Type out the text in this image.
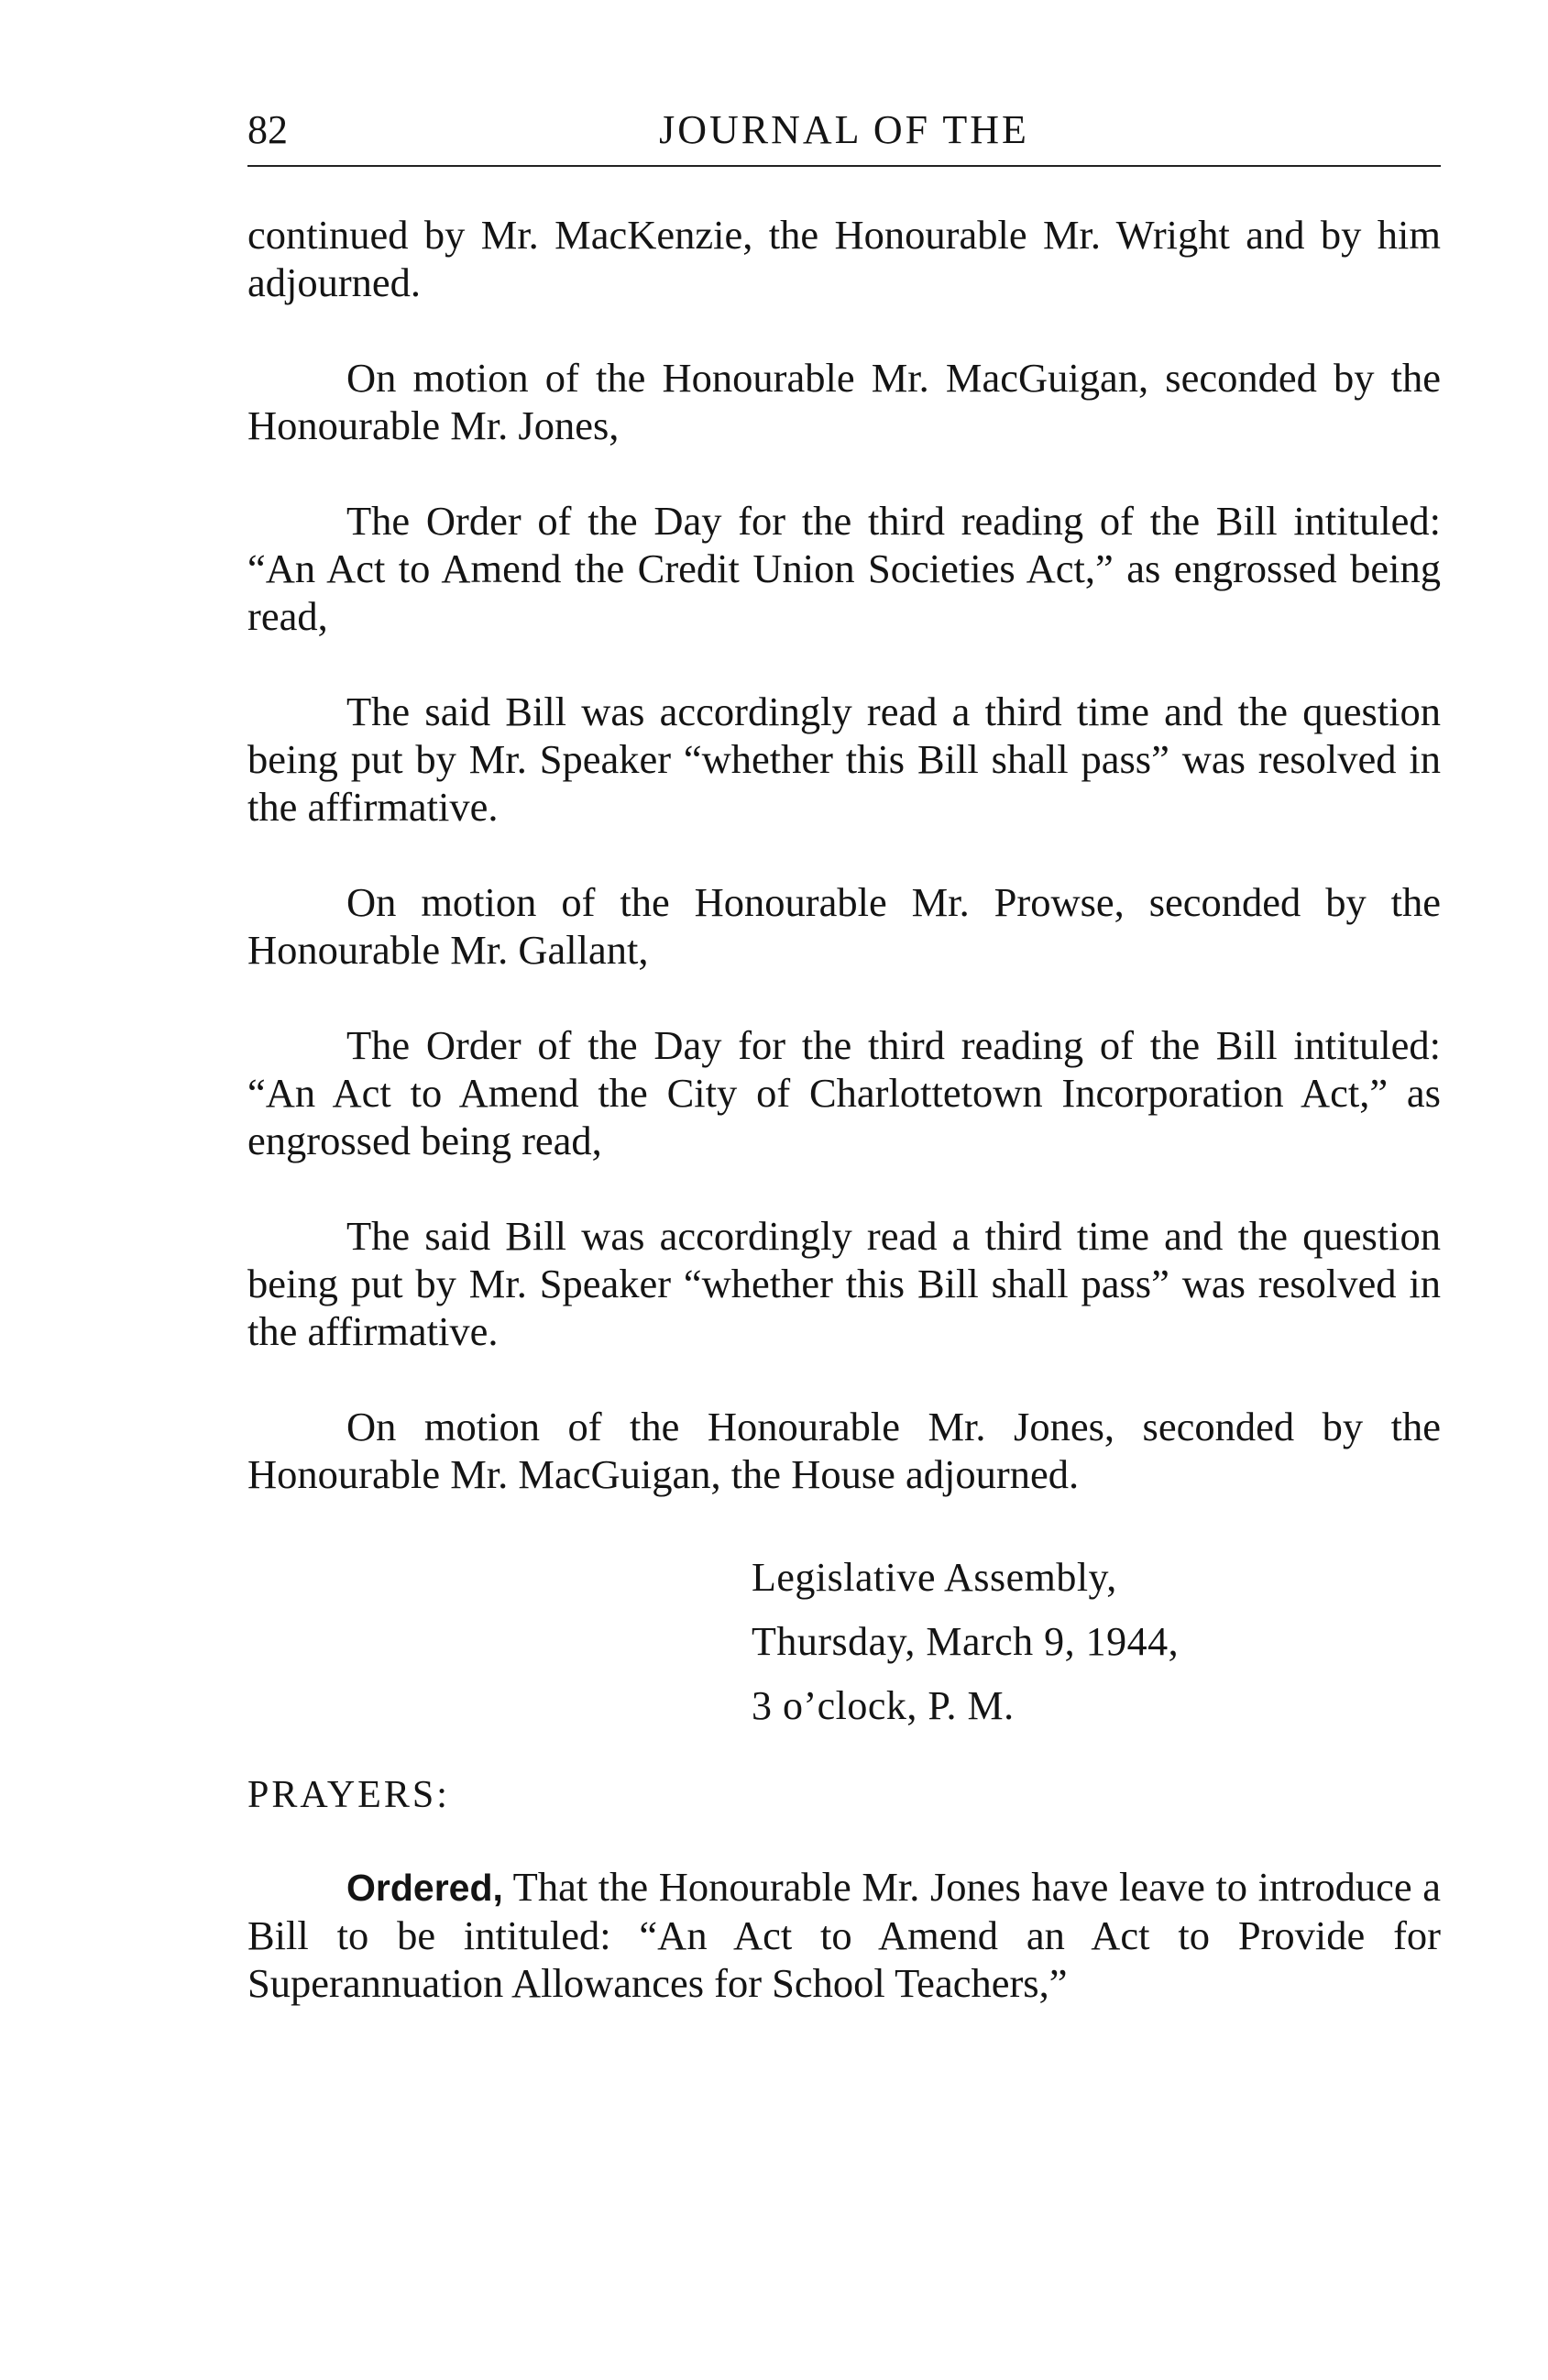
82	JOURNAL OF THE

continued by Mr. MacKenzie, the Honourable Mr. Wright and by him adjourned.

On motion of the Honourable Mr. MacGuigan, seconded by the Honourable Mr. Jones,

The Order of the Day for the third reading of the Bill intituled: “An Act to Amend the Credit Union Societies Act,” as engrossed being read,

The said Bill was accordingly read a third time and the question being put by Mr. Speaker “whether this Bill shall pass” was resolved in the affirmative.

On motion of the Honourable Mr. Prowse, seconded by the Honourable Mr. Gallant,

The Order of the Day for the third reading of the Bill intituled: “An Act to Amend the City of Charlottetown Incorporation Act,” as engrossed being read,

The said Bill was accordingly read a third time and the question being put by Mr. Speaker “whether this Bill shall pass” was resolved in the affirmative.

On motion of the Honourable Mr. Jones, seconded by the Honourable Mr. MacGuigan, the House adjourned.

Legislative Assembly,

Thursday, March 9, 1944,

3 o’clock, P. M.

PRAYERS:

Ordered, That the Honourable Mr. Jones have leave to introduce a Bill to be intituled: “An Act to Amend an Act to Provide for Superannuation Allowances for School Teachers,”
